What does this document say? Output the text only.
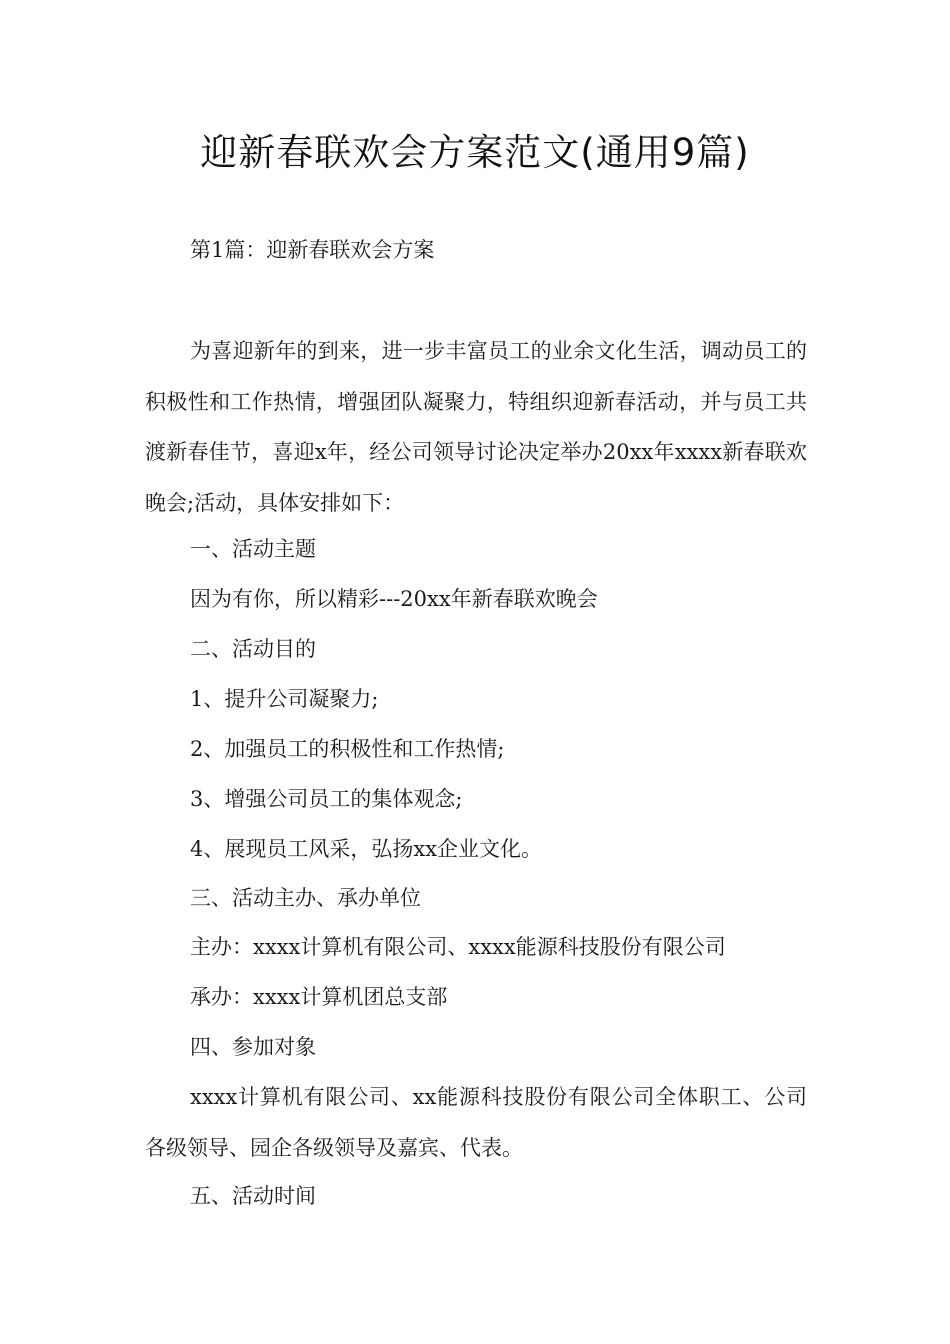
迎新春联欢会方案范文(通用9篇)
第1篇：迎新春联欢会方案

为喜迎新年的到来，进一步丰富员工的业余文化生活，调动员工的积极性和工作热情，增强团队凝聚力，特组织迎新春活动，并与员工共渡新春佳节，喜迎x年，经公司领导讨论决定举办20xx年xxxx新春联欢晚会;活动，具体安排如下：

一、活动主题
因为有你，所以精彩---20xx年新春联欢晚会
二、活动目的
1、提升公司凝聚力;
2、加强员工的积极性和工作热情;
3、增强公司员工的集体观念;
4、展现员工风采，弘扬xx企业文化。
三、活动主办、承办单位
主办：xxxx计算机有限公司、xxxx能源科技股份有限公司
承办：xxxx计算机团总支部
四、参加对象

xxxx计算机有限公司、xx能源科技股份有限公司全体职工、公司各级领导、园企各级领导及嘉宾、代表。

五、活动时间
